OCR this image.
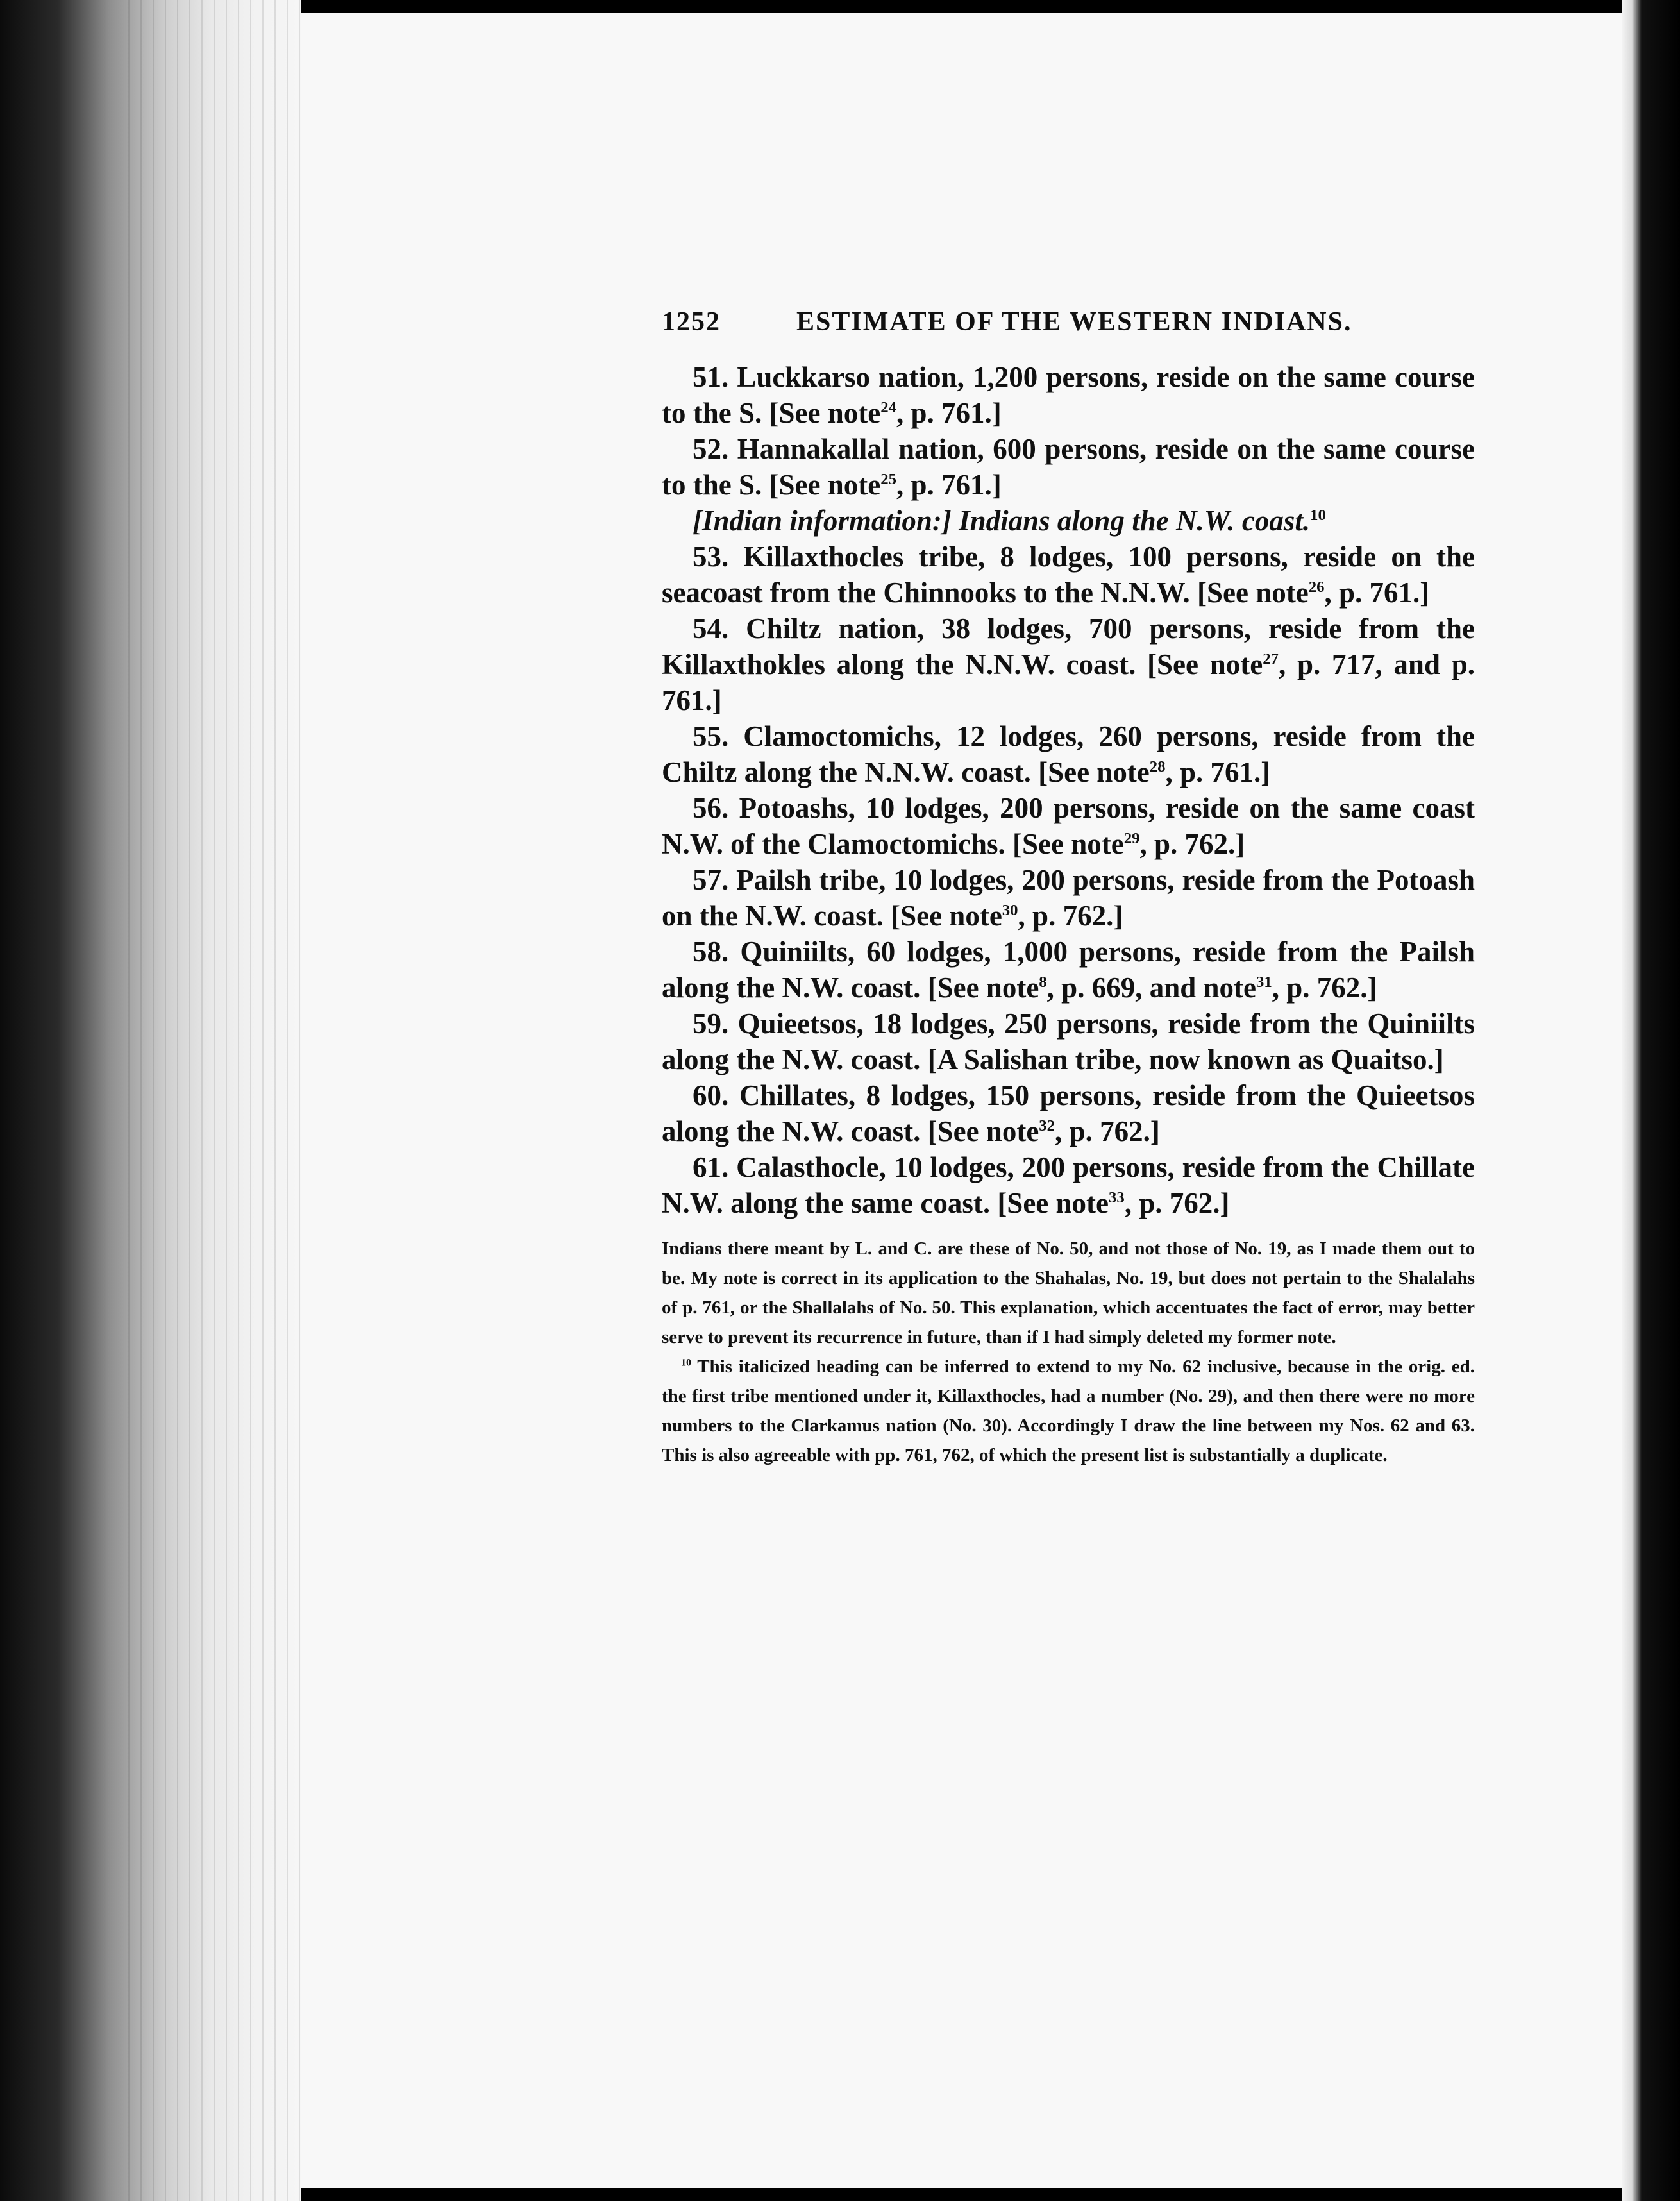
1252	ESTIMATE OF THE WESTERN INDIANS.

51. Luckkarso nation, 1,200 persons, reside on the same course to the S. [See note$^{24}$, p. 761.]

52. Hannakallal nation, 600 persons, reside on the same course to the S. [See note$^{25}$, p. 761.]

[Indian information:] Indians along the N.W. coast.$^{10}$

53. Killaxthocles tribe, 8 lodges, 100 persons, reside on the seacoast from the Chinnooks to the N.N.W. [See note$^{26}$, p. 761.]

54. Chiltz nation, 38 lodges, 700 persons, reside from the Killaxthokles along the N.N.W. coast. [See note$^{27}$, p. 717, and p. 761.]

55. Clamoctomichs, 12 lodges, 260 persons, reside from the Chiltz along the N.N.W. coast. [See note$^{28}$, p. 761.]

56. Potoashs, 10 lodges, 200 persons, reside on the same coast N.W. of the Clamoctomichs. [See note$^{29}$, p. 762.]

57. Pailsh tribe, 10 lodges, 200 persons, reside from the Potoash on the N.W. coast. [See note$^{30}$, p. 762.]

58. Quiniilts, 60 lodges, 1,000 persons, reside from the Pailsh along the N.W. coast. [See note$^8$, p. 669, and note$^{31}$, p. 762.]

59. Quieetsos, 18 lodges, 250 persons, reside from the Quiniilts along the N.W. coast. [A Salishan tribe, now known as Quaitso.]

60. Chillates, 8 lodges, 150 persons, reside from the Quieetsos along the N.W. coast. [See note$^{32}$, p. 762.]

61. Calasthocle, 10 lodges, 200 persons, reside from the Chillate N.W. along the same coast. [See note$^{33}$, p. 762.]

Indians there meant by L. and C. are these of No. 50, and not those of No. 19, as I made them out to be. My note is correct in its application to the Shahalas, No. 19, but does not pertain to the Shalalahs of p. 761, or the Shallalahs of No. 50. This explanation, which accentuates the fact of error, may better serve to prevent its recurrence in future, than if I had simply deleted my former note.

$^{10}$ This italicized heading can be inferred to extend to my No. 62 inclusive, because in the orig. ed. the first tribe mentioned under it, Killaxthocles, had a number (No. 29), and then there were no more numbers to the Clarkamus nation (No. 30). Accordingly I draw the line between my Nos. 62 and 63. This is also agreeable with pp. 761, 762, of which the present list is substantially a duplicate.
